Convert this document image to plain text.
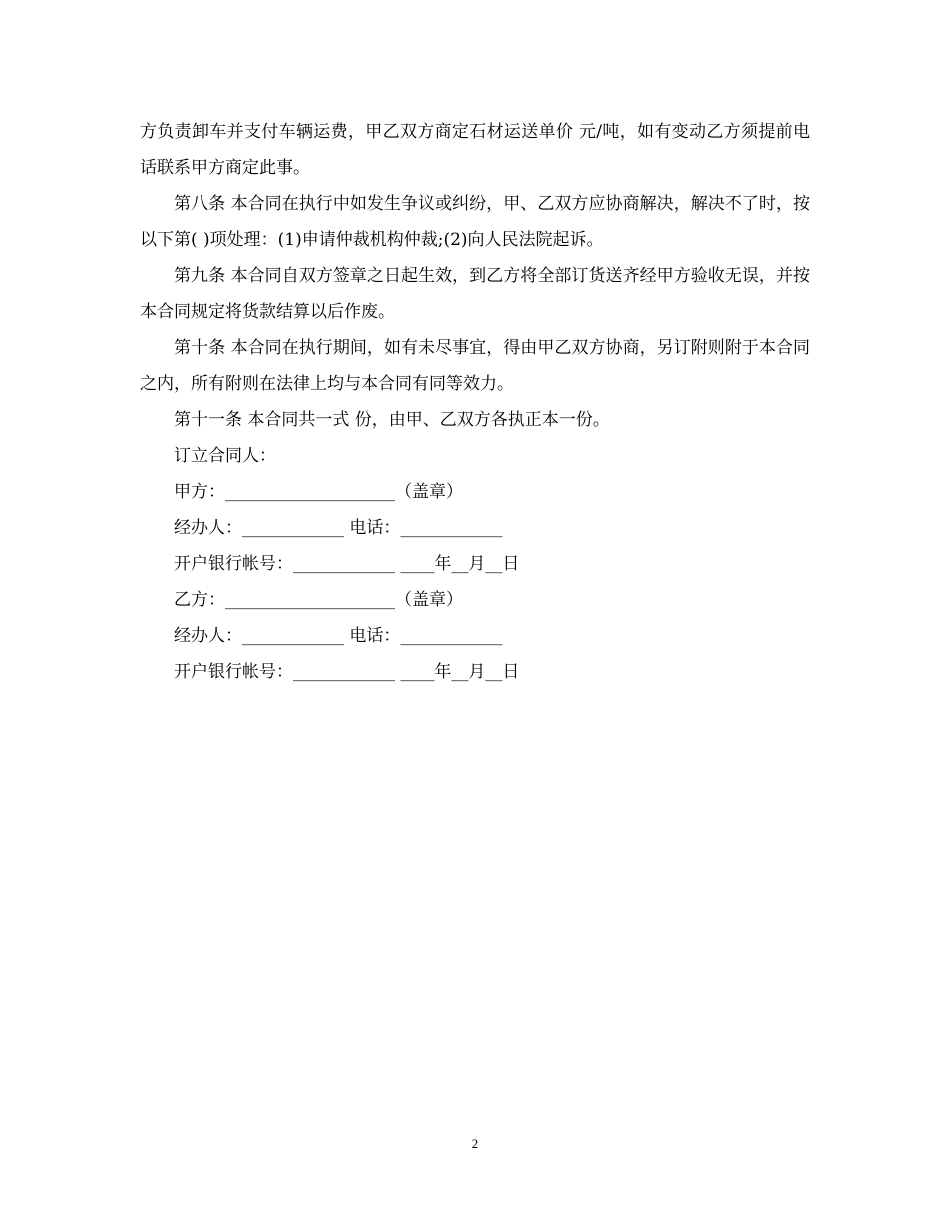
方负责卸车并支付车辆运费，甲乙双方商定石材运送单价 元/吨，如有变动乙方须提前电话联系甲方商定此事。

第八条 本合同在执行中如发生争议或纠纷，甲、乙双方应协商解决，解决不了时，按以下第( )项处理：(1)申请仲裁机构仲裁;(2)向人民法院起诉。

第九条 本合同自双方签章之日起生效，到乙方将全部订货送齐经甲方验收无误，并按本合同规定将货款结算以后作废。

第十条 本合同在执行期间，如有未尽事宜，得由甲乙双方协商，另订附则附于本合同之内，所有附则在法律上均与本合同有同等效力。

第十一条 本合同共一式 份，由甲、乙双方各执正本一份。

订立合同人：

甲方：____________________（盖章）

经办人：____________ 电话：____________

开户银行帐号：____________ ____年__月__日

乙方：____________________（盖章）

经办人：____________ 电话：____________

开户银行帐号：____________ ____年__月__日

2
